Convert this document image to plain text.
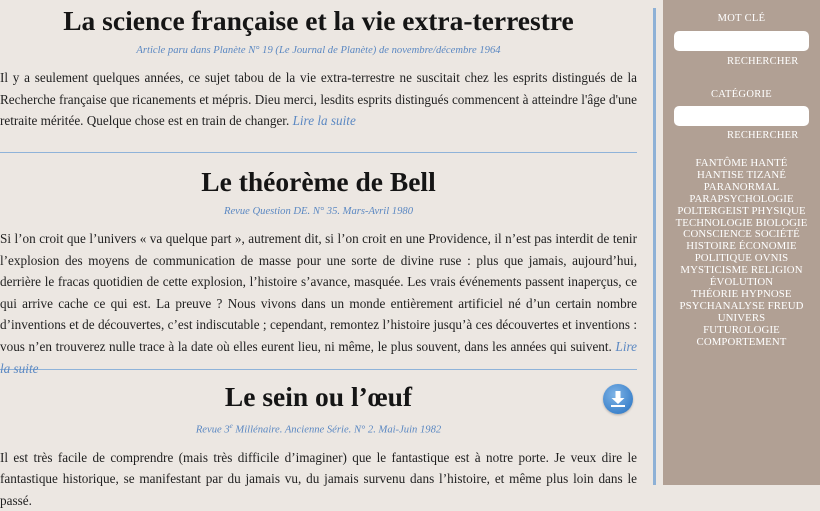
La science française et la vie extra-terrestre
Article paru dans Planète N° 19 (Le Journal de Planète) de novembre/décembre 1964

Il y a seulement quelques années, ce sujet tabou de la vie extra-terrestre ne suscitait chez les esprits distingués de la Recherche française que ricanements et mépris. Dieu merci, lesdits esprits distingués commencent à atteindre l'âge d'une retraite méritée. Quelque chose est en train de changer. Lire la suite

Le théorème de Bell
Revue Question DE. N° 35. Mars-Avril 1980

Si l’on croit que l’univers « va quelque part », autrement dit, si l’on croit en une Providence, il n’est pas interdit de tenir l’explosion des moyens de communication de masse pour une sorte de divine ruse : plus que jamais, aujourd’hui, derrière le fracas quotidien de cette explosion, l’histoire s’avance, masquée. Les vrais événements passent inaperçus, ce qui arrive cache ce qui est. La preuve ? Nous vivons dans un monde entièrement artificiel né d’un certain nombre d’inventions et de découvertes, c’est indiscutable ; cependant, remontez l’histoire jusqu’à ces découvertes et inventions : vous n’en trouverez nulle trace à la date où elles eurent lieu, ni même, le plus souvent, dans les années qui suivent. Lire la suite

Le sein ou l’œuf
Revue 3e Millénaire. Ancienne Série. N° 2. Mai-Juin 1982

Il est très facile de comprendre (mais très difficile d’imaginer) que le fantastique est à notre porte. Je veux dire le fantastique historique, se manifestant par du jamais vu, du jamais survenu dans l’histoire, et même plus loin dans le passé.

MOT CLÉ
RECHERCHER
CATÉGORIE
RECHERCHER
FANTÔME HANTÉ
HANTISE TIZANÉ
PARANORMAL
PARAPSYCHOLOGIE
POLTERGEIST PHYSIQUE
TECHNOLOGIE BIOLOGIE
CONSCIENCE SOCIÉTÉ
HISTOIRE ÉCONOMIE
POLITIQUE OVNIS
MYSTICISME RELIGION
ÉVOLUTION
THÉORIE HYPNOSE
PSYCHANALYSE FREUD
UNIVERS
FUTUROLOGIE COMPORTEMENT
